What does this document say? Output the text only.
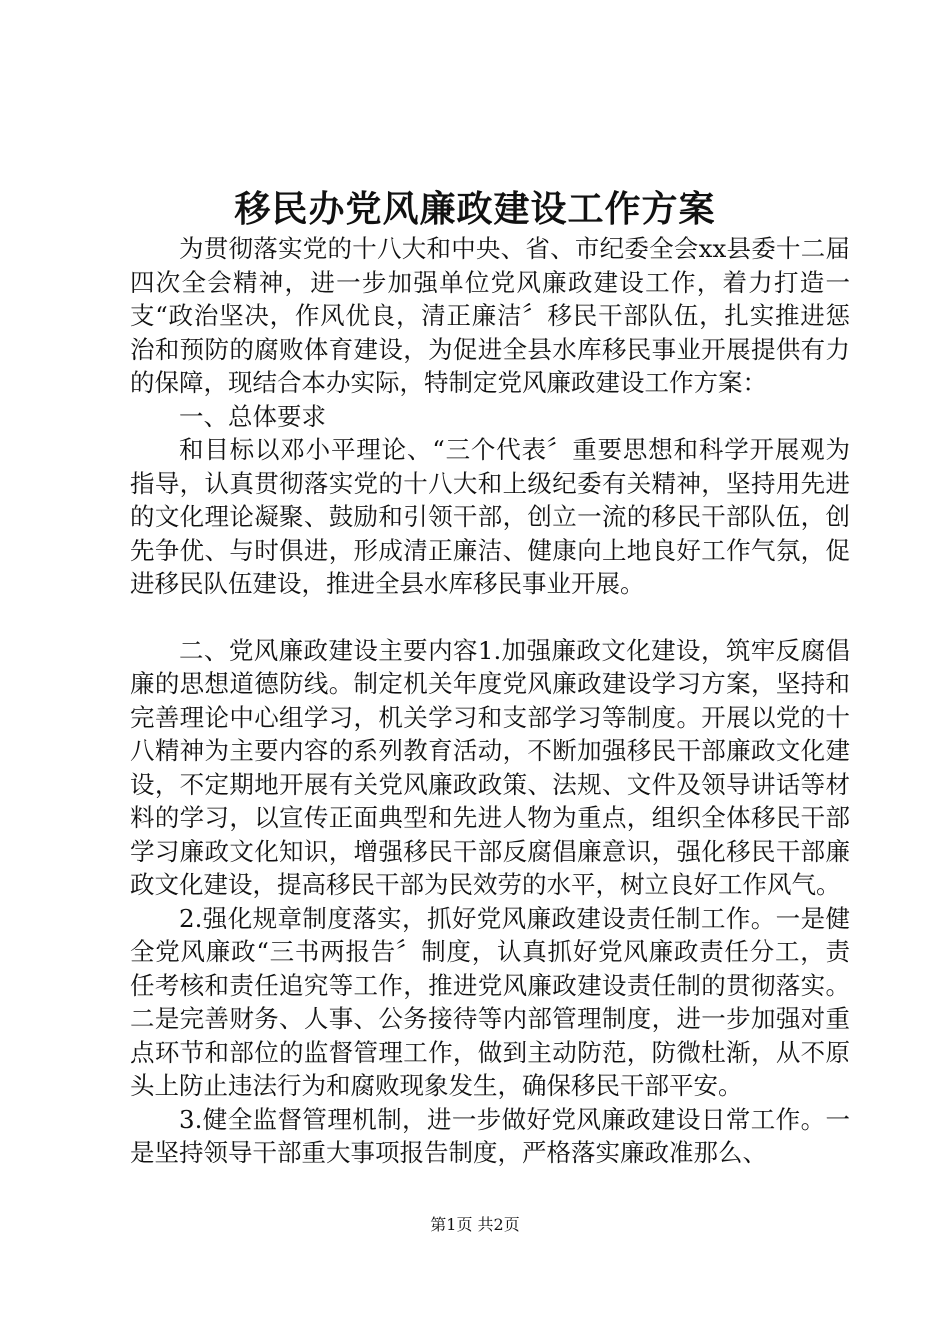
移民办党风廉政建设工作方案

为贯彻落实党的十八大和中央、省、市纪委全会xx县委十二届四次全会精神，进一步加强单位党风廉政建设工作，着力打造一支“政治坚决，作风优良，清正廉洁〞移民干部队伍，扎实推进惩治和预防的腐败体育建设，为促进全县水库移民事业开展提供有力的保障，现结合本办实际，特制定党风廉政建设工作方案：

一、总体要求

和目标以邓小平理论、“三个代表〞重要思想和科学开展观为指导，认真贯彻落实党的十八大和上级纪委有关精神，坚持用先进的文化理论凝聚、鼓励和引领干部，创立一流的移民干部队伍，创先争优、与时俱进，形成清正廉洁、健康向上地良好工作气氛，促进移民队伍建设，推进全县水库移民事业开展。

二、党风廉政建设主要内容1.加强廉政文化建设，筑牢反腐倡廉的思想道德防线。制定机关年度党风廉政建设学习方案，坚持和完善理论中心组学习，机关学习和支部学习等制度。开展以党的十八精神为主要内容的系列教育活动，不断加强移民干部廉政文化建设，不定期地开展有关党风廉政政策、法规、文件及领导讲话等材料的学习，以宣传正面典型和先进人物为重点，组织全体移民干部学习廉政文化知识，增强移民干部反腐倡廉意识，强化移民干部廉政文化建设，提高移民干部为民效劳的水平，树立良好工作风气。

2.强化规章制度落实，抓好党风廉政建设责任制工作。一是健全党风廉政“三书两报告〞制度，认真抓好党风廉政责任分工，责任考核和责任追究等工作，推进党风廉政建设责任制的贯彻落实。二是完善财务、人事、公务接待等内部管理制度，进一步加强对重点环节和部位的监督管理工作，做到主动防范，防微杜渐，从不原头上防止违法行为和腐败现象发生，确保移民干部平安。

3.健全监督管理机制，进一步做好党风廉政建设日常工作。一是坚持领导干部重大事项报告制度，严格落实廉政准那么、

第1页 共2页
